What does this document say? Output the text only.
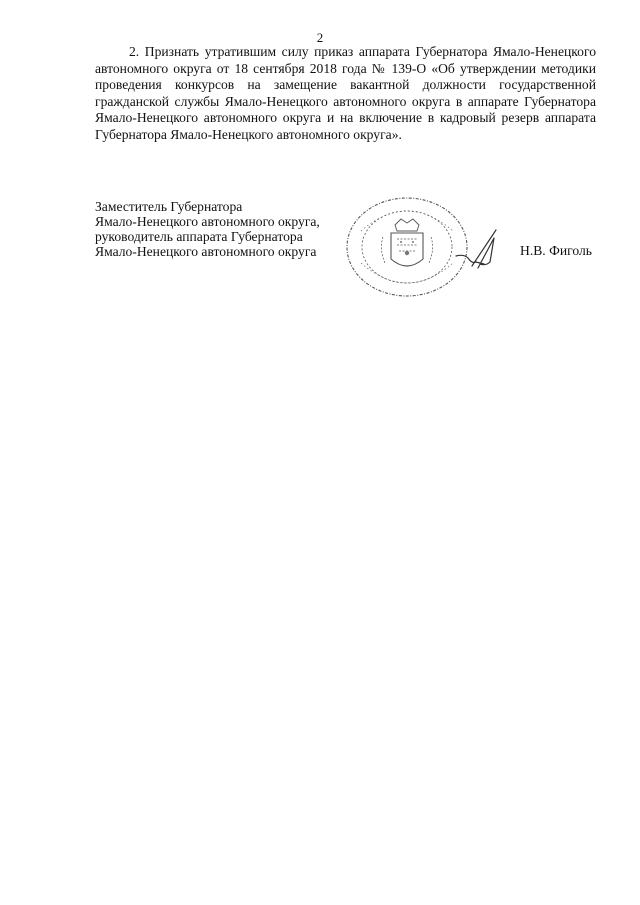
2

2. Признать утратившим силу приказ аппарата Губернатора Ямало-Ненецкого автономного округа от 18 сентября 2018 года № 139-О «Об утверждении методики проведения конкурсов на замещение вакантной должности государственной гражданской службы Ямало-Ненецкого автономного округа в аппарате Губернатора Ямало-Ненецкого автономного округа и на включение в кадровый резерв аппарата Губернатора Ямало-Ненецкого автономного округа».

Заместитель Губернатора
Ямало-Ненецкого автономного округа,
руководитель аппарата Губернатора
Ямало-Ненецкого автономного округа	Н.В. Фиголь
